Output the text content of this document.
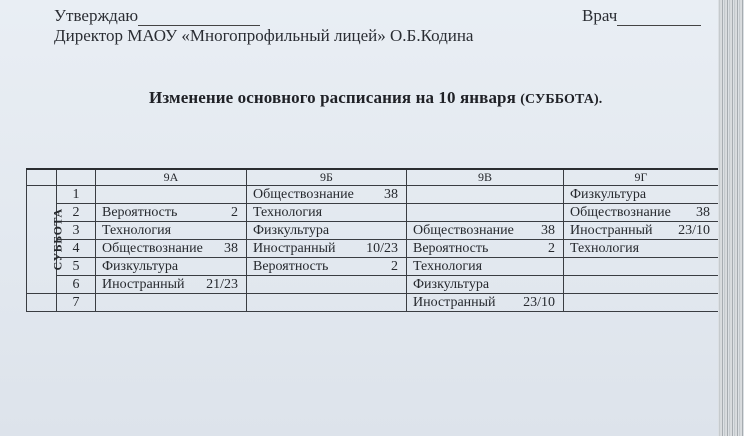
Утверждаю
Директор МАОУ «Многопрофильный лицей» О.Б.Кодина
Врач
Изменение основного расписания на 10 января (СУББОТА).
		9А	9Б	9В	9Г
СУББОТА	1		Обществознание 38		Физкультура

	2	Вероятность 2	Технология		Обществознание 38

	3	Технология	Физкультура	Обществознание 38	Иностранный 23/10

	4	Обществознание 38	Иностранный 10/23	Вероятность 2	Технология

	5	Физкультура	Вероятность 2	Технология	

	6	Иностранный 21/23		Физкультура	

	7			Иностранный 23/10	
